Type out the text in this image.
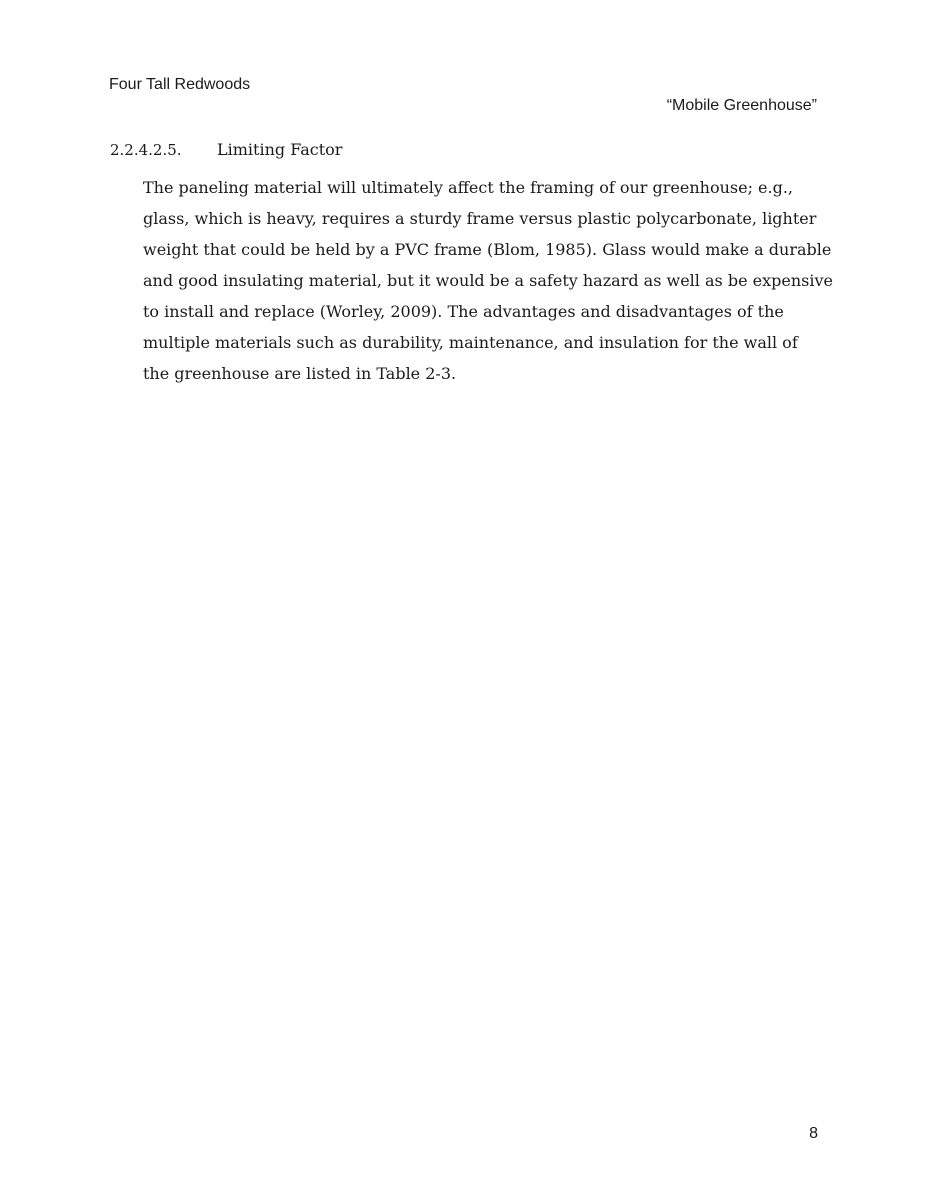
Four Tall Redwoods
“Mobile Greenhouse”
2.2.4.2.5. Limiting Factor
The paneling material will ultimately affect the framing of our greenhouse; e.g.,
glass, which is heavy, requires a sturdy frame versus plastic polycarbonate, lighter
weight that could be held by a PVC frame (Blom, 1985). Glass would make a durable
and good insulating material, but it would be a safety hazard as well as be expensive
to install and replace (Worley, 2009). The advantages and disadvantages of the
multiple materials such as durability, maintenance, and insulation for the wall of
the greenhouse are listed in Table 2-3.
8
